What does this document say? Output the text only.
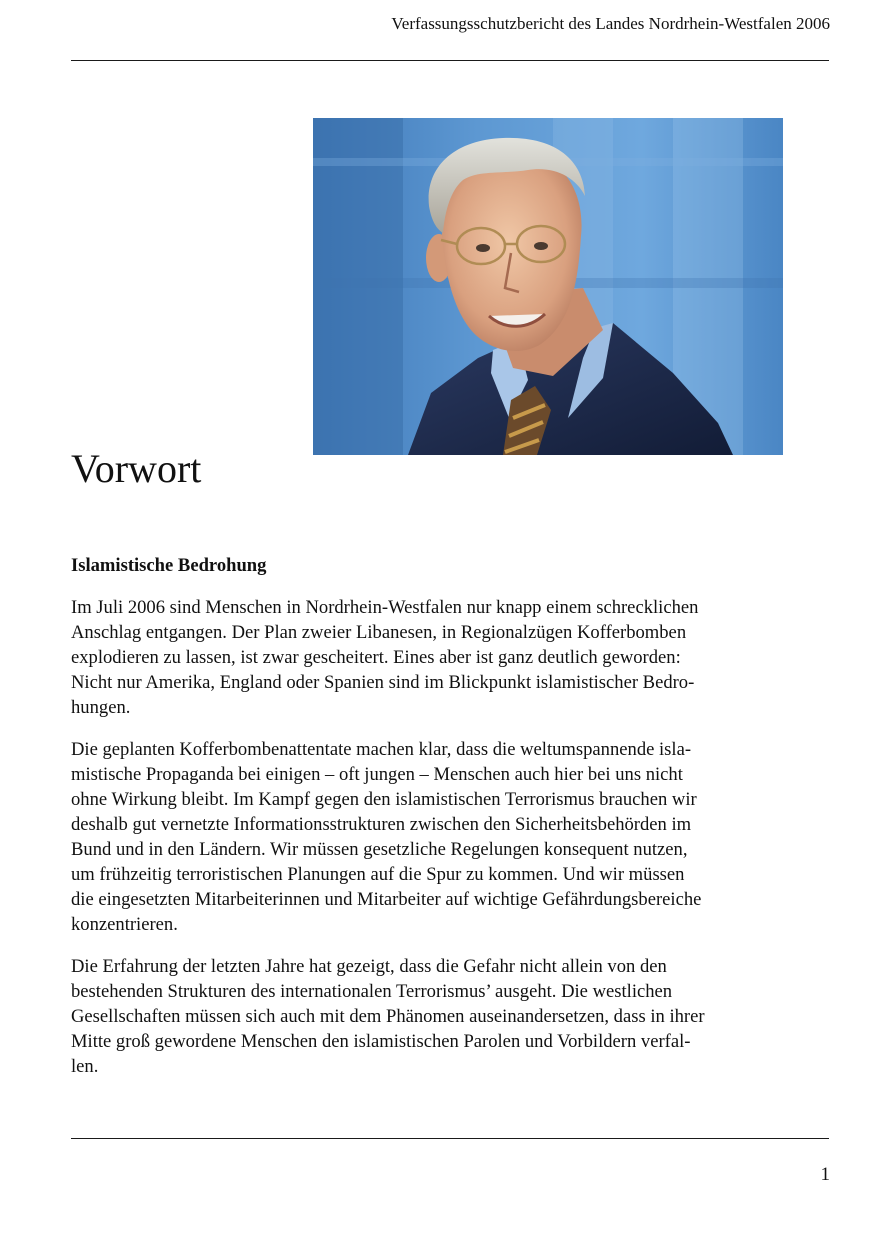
Verfassungsschutzbericht des Landes Nordrhein-Westfalen 2006
Vorwort

Islamistische Bedrohung

Im Juli 2006 sind Menschen in Nordrhein-Westfalen nur knapp einem schrecklichen
Anschlag entgangen. Der Plan zweier Libanesen, in Regionalzügen Kofferbomben
explodieren zu lassen, ist zwar gescheitert. Eines aber ist ganz deutlich geworden:
Nicht nur Amerika, England oder Spanien sind im Blickpunkt islamistischer Bedro-
hungen.

Die geplanten Kofferbombenattentate machen klar, dass die weltumspannende isla-
mistische Propaganda bei einigen – oft jungen – Menschen auch hier bei uns nicht
ohne Wirkung bleibt. Im Kampf gegen den islamistischen Terrorismus brauchen wir
deshalb gut vernetzte Informationsstrukturen zwischen den Sicherheitsbehörden im
Bund und in den Ländern. Wir müssen gesetzliche Regelungen konsequent nutzen,
um frühzeitig terroristischen Planungen auf die Spur zu kommen. Und wir müssen
die eingesetzten Mitarbeiterinnen und Mitarbeiter auf wichtige Gefährdungsbereiche
konzentrieren.

Die Erfahrung der letzten Jahre hat gezeigt, dass die Gefahr nicht allein von den
bestehenden Strukturen des internationalen Terrorismus’ ausgeht. Die westlichen
Gesellschaften müssen sich auch mit dem Phänomen auseinandersetzen, dass in ihrer
Mitte groß gewordene Menschen den islamistischen Parolen und Vorbildern verfal-
len.

1
